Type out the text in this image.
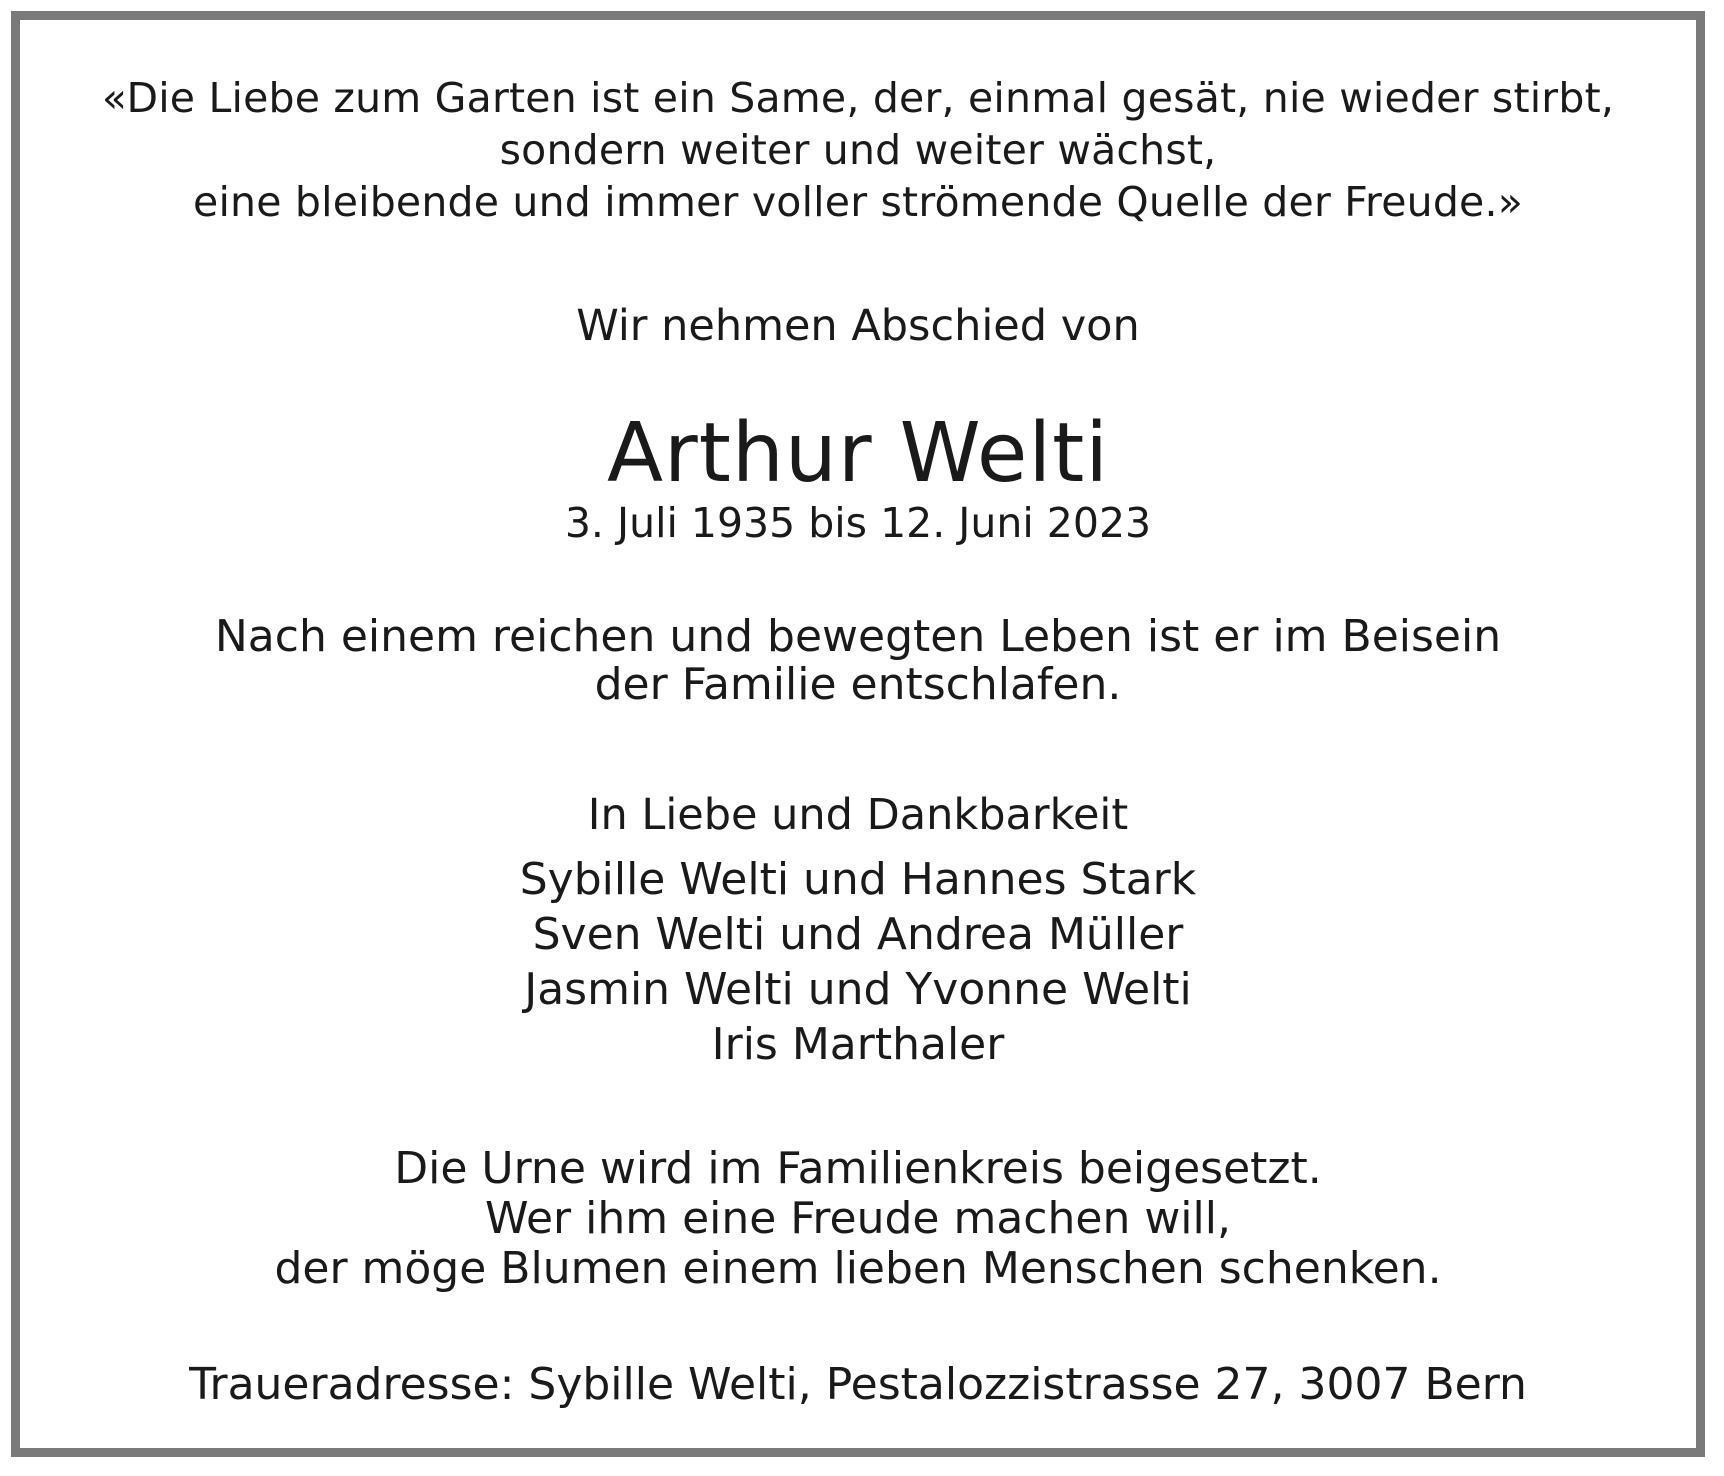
«Die Liebe zum Garten ist ein Same, der, einmal gesät, nie wieder stirbt,
sondern weiter und weiter wächst,
eine bleibende und immer voller strömende Quelle der Freude.»
Wir nehmen Abschied von
Arthur Welti
3. Juli 1935 bis 12. Juni 2023
Nach einem reichen und bewegten Leben ist er im Beisein
der Familie entschlafen.
In Liebe und Dankbarkeit
Sybille Welti und Hannes Stark
Sven Welti und Andrea Müller
Jasmin Welti und Yvonne Welti
Iris Marthaler
Die Urne wird im Familienkreis beigesetzt.
Wer ihm eine Freude machen will,
der möge Blumen einem lieben Menschen schenken.
Traueradresse: Sybille Welti, Pestalozzistrasse 27, 3007 Bern
